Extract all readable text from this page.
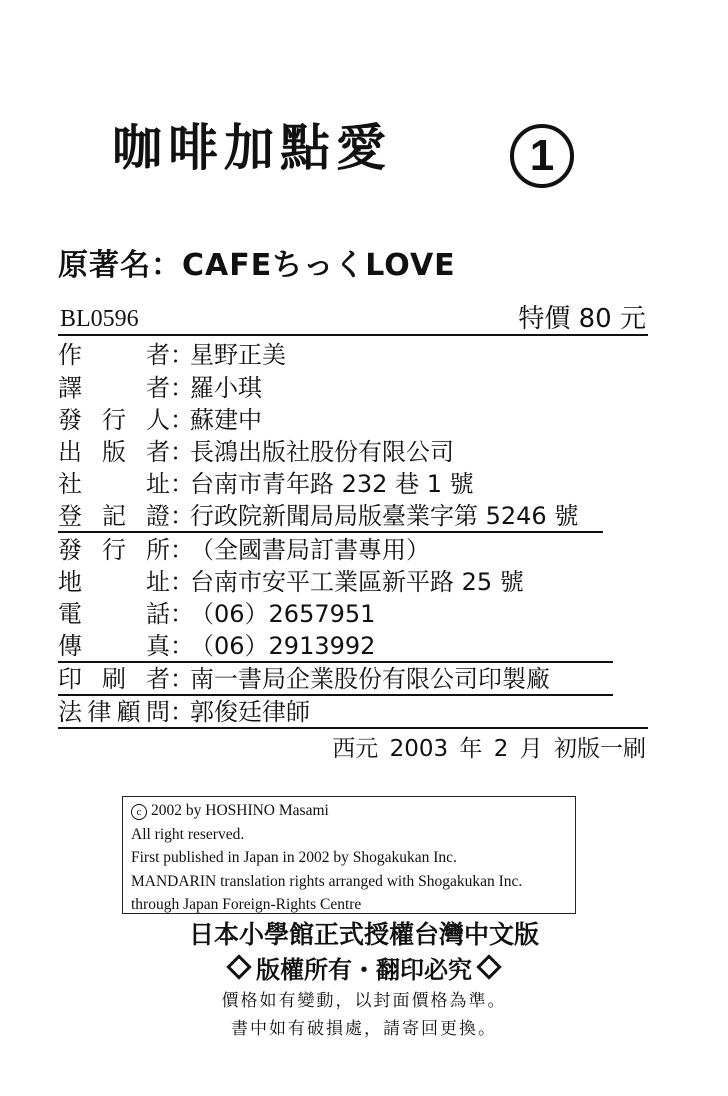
咖啡加點愛	1
原著名：CAFEちっくLOVE
BL0596	特價 80 元
作者：星野正美
譯者：羅小琪
發行人：蘇建中
出版者：長鴻出版社股份有限公司
社址：台南市青年路 232 巷 1 號
登記證：行政院新聞局局版臺業字第 5246 號
發行所：（全國書局訂書專用）
地址：台南市安平工業區新平路 25 號
電話：（06）2657951
傳真：（06）2913992
印刷者：南一書局企業股份有限公司印製廠
法律顧問：郭俊廷律師
西元 2003 年 2 月 初版一刷
c 2002 by HOSHINO Masami
All right reserved.
First published in Japan in 2002 by Shogakukan Inc.
MANDARIN translation rights arranged with Shogakukan Inc.
through Japan Foreign-Rights Centre
日本小學館正式授權台灣中文版
版權所有・翻印必究
價格如有變動，以封面價格為準。
書中如有破損處，請寄回更換。
